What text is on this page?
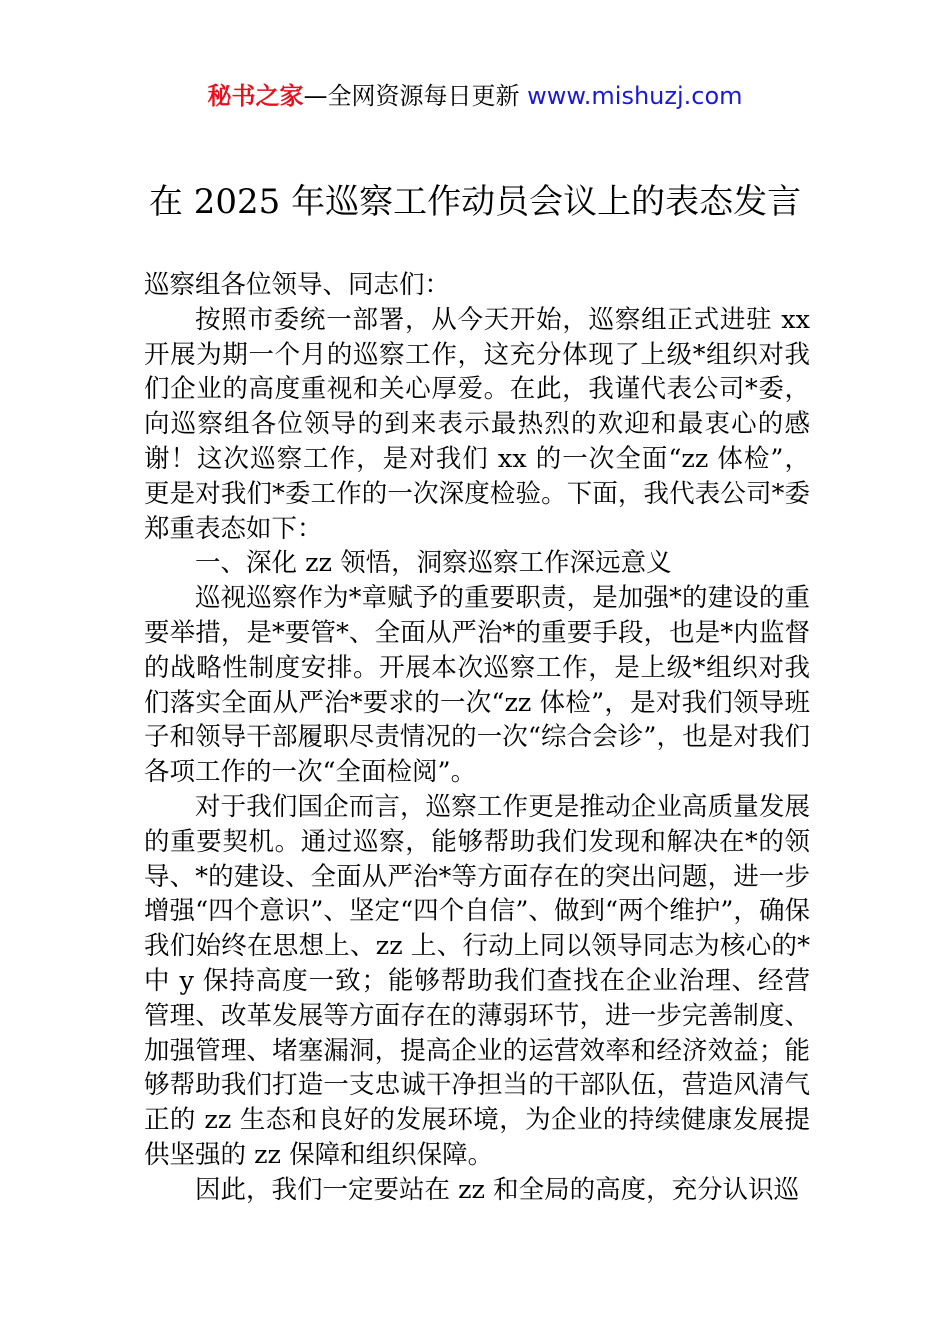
秘书之家—全网资源每日更新 www.mishuzj.com
在 2025 年巡察工作动员会议上的表态发言

巡察组各位领导、同志们：

按照市委统一部署，从今天开始，巡察组正式进驻 xx 开展为期一个月的巡察工作，这充分体现了上级*组织对我们企业的高度重视和关心厚爱。在此，我谨代表公司*委，向巡察组各位领导的到来表示最热烈的欢迎和最衷心的感谢！这次巡察工作，是对我们 xx 的一次全面“zz 体检”，更是对我们*委工作的一次深度检验。下面，我代表公司*委郑重表态如下：

一、深化 zz 领悟，洞察巡察工作深远意义

巡视巡察作为*章赋予的重要职责，是加强*的建设的重要举措，是*要管*、全面从严治*的重要手段，也是*内监督的战略性制度安排。开展本次巡察工作，是上级*组织对我们落实全面从严治*要求的一次“zz 体检”，是对我们领导班子和领导干部履职尽责情况的一次“综合会诊”，也是对我们各项工作的一次“全面检阅”。

对于我们国企而言，巡察工作更是推动企业高质量发展的重要契机。通过巡察，能够帮助我们发现和解决在*的领导、*的建设、全面从严治*等方面存在的突出问题，进一步增强“四个意识”、坚定“四个自信”、做到“两个维护”，确保我们始终在思想上、zz 上、行动上同以领导同志为核心的*中 y 保持高度一致；能够帮助我们查找在企业治理、经营管理、改革发展等方面存在的薄弱环节，进一步完善制度、加强管理、堵塞漏洞，提高企业的运营效率和经济效益；能够帮助我们打造一支忠诚干净担当的干部队伍，营造风清气正的 zz 生态和良好的发展环境，为企业的持续健康发展提供坚强的 zz 保障和组织保障。

因此，我们一定要站在 zz 和全局的高度，充分认识巡
